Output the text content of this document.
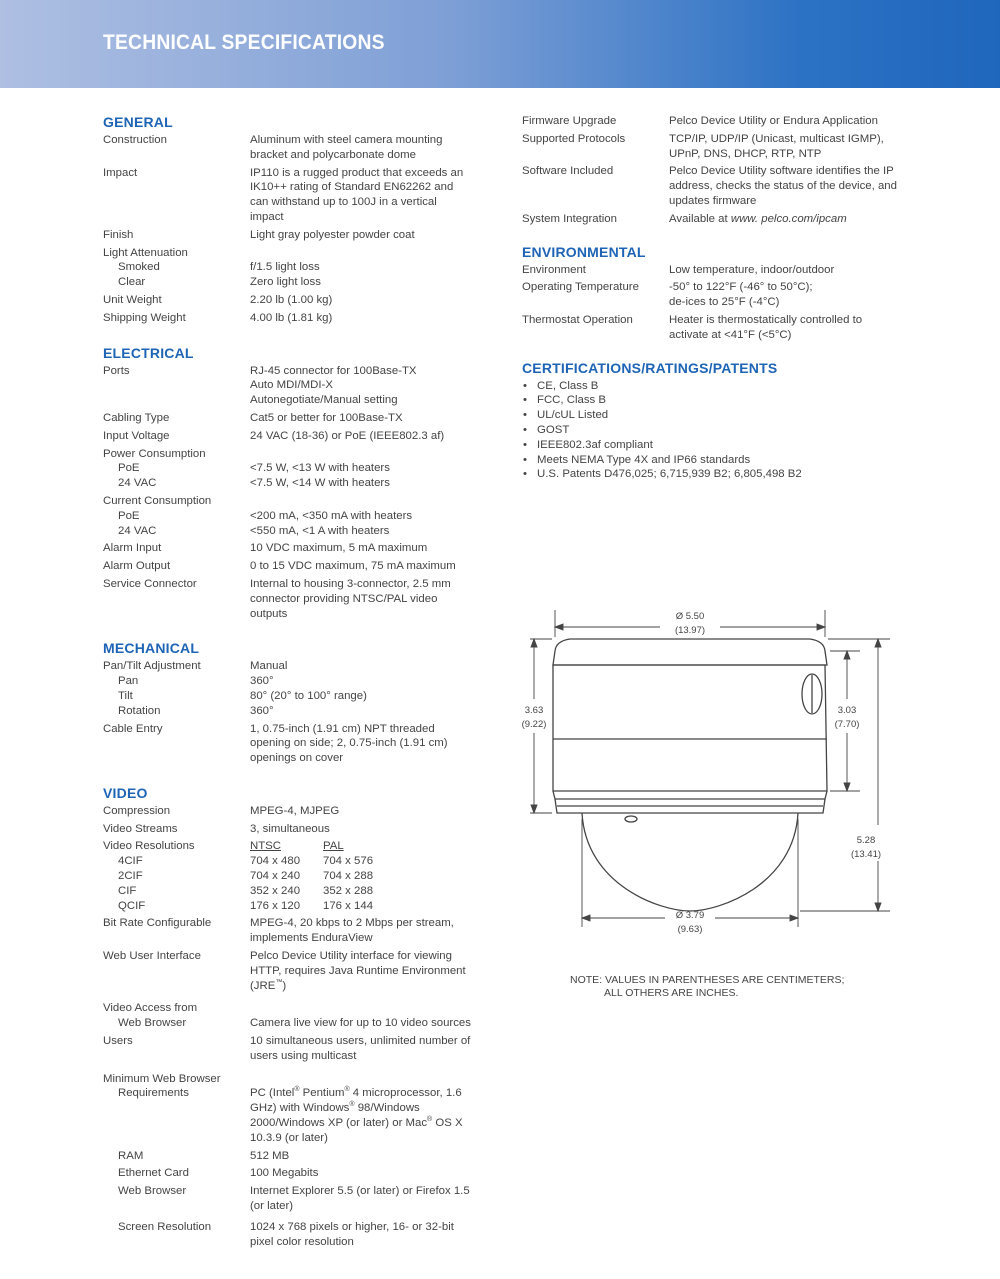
TECHNICAL SPECIFICATIONS
GENERAL
Construction	Aluminum with steel camera mounting bracket and polycarbonate dome
Impact	IP110 is a rugged product that exceeds an IK10++ rating of Standard EN62262 and can withstand up to 100J in a vertical impact
Finish	Light gray polyester powder coat
Light Attenuation
Smoked	f/1.5 light loss
Clear	Zero light loss
Unit Weight	2.20 lb (1.00 kg)
Shipping Weight	4.00 lb (1.81 kg)
ELECTRICAL
Ports	RJ-45 connector for 100Base-TX
Auto MDI/MDI-X
Autonegotiate/Manual setting
Cabling Type	Cat5 or better for 100Base-TX
Input Voltage	24 VAC (18-36) or PoE (IEEE802.3 af)
Power Consumption
PoE	<7.5 W, <13 W with heaters
24 VAC	<7.5 W, <14 W with heaters
Current Consumption
PoE	<200 mA, <350 mA with heaters
24 VAC	<550 mA, <1 A with heaters
Alarm Input	10 VDC maximum, 5 mA maximum
Alarm Output	0 to 15 VDC maximum, 75 mA maximum
Service Connector	Internal to housing 3-connector, 2.5 mm connector providing NTSC/PAL video outputs
MECHANICAL
Pan/Tilt Adjustment	Manual
Pan	360°
Tilt	80° (20° to 100° range)
Rotation	360°
Cable Entry	1, 0.75-inch (1.91 cm) NPT threaded opening on side; 2, 0.75-inch (1.91 cm) openings on cover
VIDEO
Compression	MPEG-4, MJPEG
Video Streams	3, simultaneous
Video Resolutions	NTSC	PAL
4CIF	704 x 480	704 x 576
2CIF	704 x 240	704 x 288
CIF	352 x 240	352 x 288
QCIF	176 x 120	176 x 144
Bit Rate Configurable	MPEG-4, 20 kbps to 2 Mbps per stream, implements EnduraView
Web User Interface	Pelco Device Utility interface for viewing HTTP, requires Java Runtime Environment (JRE™)
Video Access from
Web Browser	Camera live view for up to 10 video sources
Users	10 simultaneous users, unlimited number of users using multicast
Minimum Web Browser
Requirements	PC (Intel® Pentium® 4 microprocessor, 1.6 GHz) with Windows® 98/Windows 2000/Windows XP (or later) or Mac® OS X 10.3.9 (or later)
RAM	512 MB
Ethernet Card	100 Megabits
Web Browser	Internet Explorer 5.5 (or later) or Firefox 1.5 (or later)
Screen Resolution	1024 x 768 pixels or higher, 16- or 32-bit pixel color resolution
Firmware Upgrade	Pelco Device Utility or Endura Application
Supported Protocols	TCP/IP, UDP/IP (Unicast, multicast IGMP), UPnP, DNS, DHCP, RTP, NTP
Software Included	Pelco Device Utility software identifies the IP address, checks the status of the device, and updates firmware
System Integration	Available at www. pelco.com/ipcam
ENVIRONMENTAL
Environment	Low temperature, indoor/outdoor
Operating Temperature	-50° to 122°F (-46° to 50°C);
de-ices to 25°F (-4°C)
Thermostat Operation	Heater is thermostatically controlled to activate at <41°F (<5°C)
CERTIFICATIONS/RATINGS/PATENTS
• CE, Class B
• FCC, Class B
• UL/cUL Listed
• GOST
• IEEE802.3af compliant
• Meets NEMA Type 4X and IP66 standards
• U.S. Patents D476,025; 6,715,939 B2; 6,805,498 B2
Ø 5.50
(13.97)
3.63
(9.22)
3.03
(7.70)
5.28
(13.41)
Ø 3.79
(9.63)
NOTE: VALUES IN PARENTHESES ARE CENTIMETERS;
ALL OTHERS ARE INCHES.
